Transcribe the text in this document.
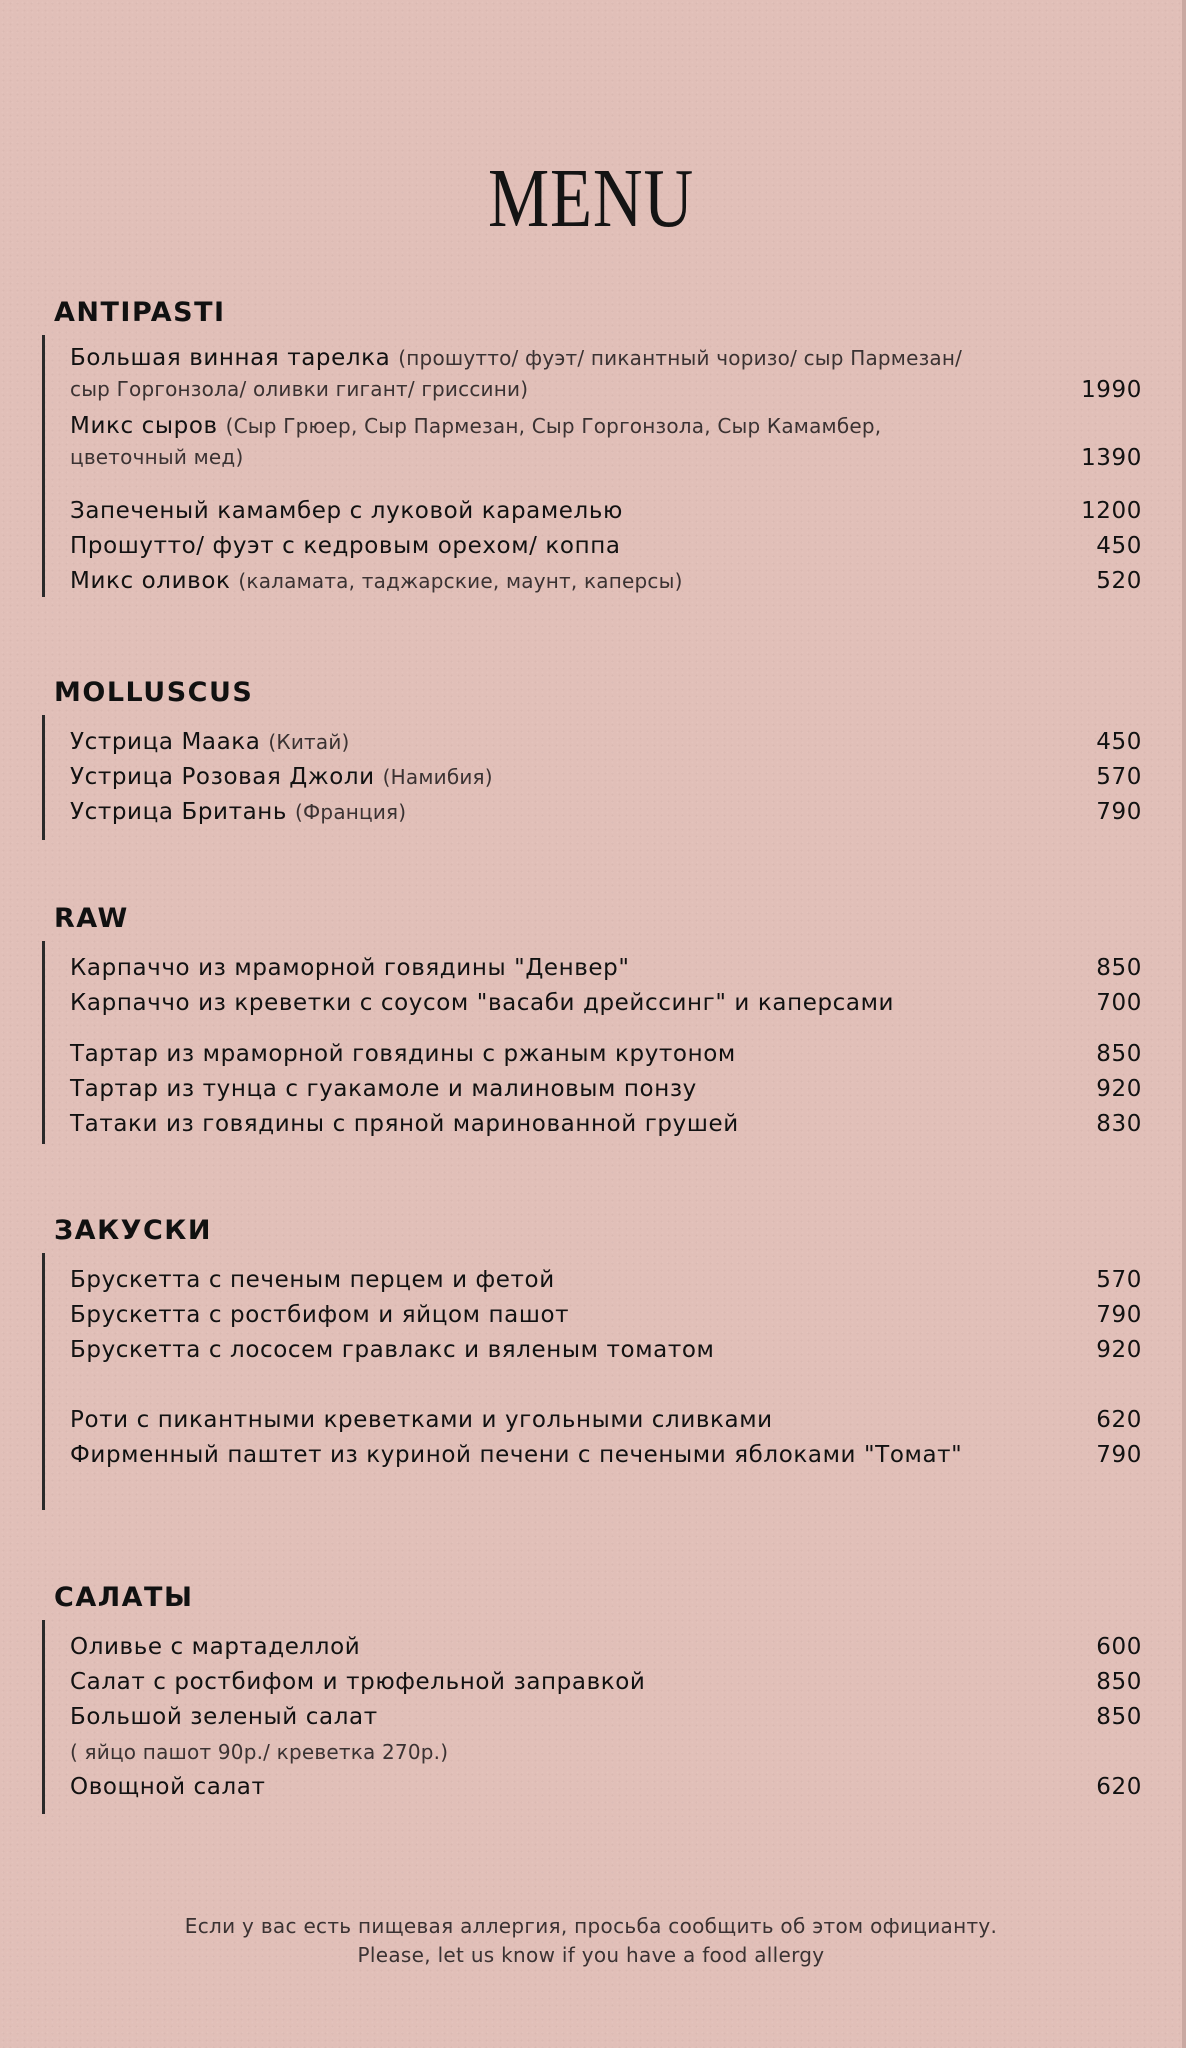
MENU
ANTIPASTI
Большая винная тарелка (прошутто/ фуэт/ пикантный чоризо/ сыр Пармезан/
сыр Горгонзола/ оливки гигант/ гриссини)	1990
Микс сыров (Сыр Грюер, Сыр Пармезан, Сыр Горгонзола, Сыр Камамбер,
цветочный мед)	1390
Запеченый камамбер с луковой карамелью	1200
Прошутто/ фуэт с кедровым орехом/ коппа	450
Микс оливок (каламата, таджарские, маунт, каперсы)	520
MOLLUSCUS
Устрица Маака (Китай)	450
Устрица Розовая Джоли (Намибия)	570
Устрица Британь (Франция)	790
RAW
Карпаччо из мраморной говядины "Денвер"	850
Карпаччо из креветки с соусом "васаби дрейссинг" и каперсами	700
Тартар из мраморной говядины с ржаным крутоном	850
Тартар из тунца с гуакамоле и малиновым понзу	920
Татаки из говядины с пряной маринованной грушей	830
ЗАКУСКИ
Брускетта с печеным перцем и фетой	570
Брускетта с ростбифом и яйцом пашот	790
Брускетта с лососем гравлакс и вяленым томатом	920
Роти с пикантными креветками и угольными сливками	620
Фирменный паштет из куриной печени с печеными яблоками "Томат"	790
САЛАТЫ
Оливье с мартаделлой	600
Салат с ростбифом и трюфельной заправкой	850
Большой зеленый салат	850
( яйцо пашот 90р./ креветка 270р.)
Овощной салат	620
Если у вас есть пищевая аллергия, просьба сообщить об этом официанту.
Please, let us know if you have a food allergy
